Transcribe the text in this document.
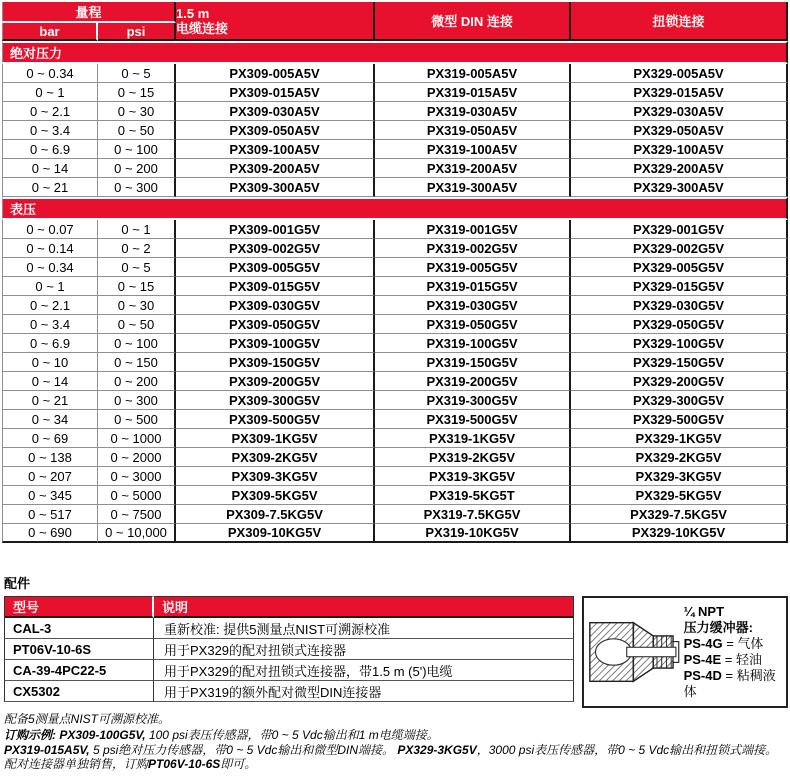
量程		1.5 m
电缆连接	微型 DIN 连接	扭锁连接
bar	psi			
绝对压力				
0 ~ 0.34	0 ~ 5	PX309-005A5V	PX319-005A5V	PX329-005A5V
0 ~ 1	0 ~ 15	PX309-015A5V	PX319-015A5V	PX329-015A5V
0 ~ 2.1	0 ~ 30	PX309-030A5V	PX319-030A5V	PX329-030A5V
0 ~ 3.4	0 ~ 50	PX309-050A5V	PX319-050A5V	PX329-050A5V
0 ~ 6.9	0 ~ 100	PX309-100A5V	PX319-100A5V	PX329-100A5V
0 ~ 14	0 ~ 200	PX309-200A5V	PX319-200A5V	PX329-200A5V
0 ~ 21	0 ~ 300	PX309-300A5V	PX319-300A5V	PX329-300A5V
表压				
0 ~ 0.07	0 ~ 1	PX309-001G5V	PX319-001G5V	PX329-001G5V
0 ~ 0.14	0 ~ 2	PX309-002G5V	PX319-002G5V	PX329-002G5V
0 ~ 0.34	0 ~ 5	PX309-005G5V	PX319-005G5V	PX329-005G5V
0 ~ 1	0 ~ 15	PX309-015G5V	PX319-015G5V	PX329-015G5V
0 ~ 2.1	0 ~ 30	PX309-030G5V	PX319-030G5V	PX329-030G5V
0 ~ 3.4	0 ~ 50	PX309-050G5V	PX319-050G5V	PX329-050G5V
0 ~ 6.9	0 ~ 100	PX309-100G5V	PX319-100G5V	PX329-100G5V
0 ~ 10	0 ~ 150	PX309-150G5V	PX319-150G5V	PX329-150G5V
0 ~ 14	0 ~ 200	PX309-200G5V	PX319-200G5V	PX329-200G5V
0 ~ 21	0 ~ 300	PX309-300G5V	PX319-300G5V	PX329-300G5V
0 ~ 34	0 ~ 500	PX309-500G5V	PX319-500G5V	PX329-500G5V
0 ~ 69	0 ~ 1000	PX309-1KG5V	PX319-1KG5V	PX329-1KG5V
0 ~ 138	0 ~ 2000	PX309-2KG5V	PX319-2KG5V	PX329-2KG5V
0 ~ 207	0 ~ 3000	PX309-3KG5V	PX319-3KG5V	PX329-3KG5V
0 ~ 345	0 ~ 5000	PX309-5KG5V	PX319-5KG5T	PX329-5KG5V
0 ~ 517	0 ~ 7500	PX309-7.5KG5V	PX319-7.5KG5V	PX329-7.5KG5V
0 ~ 690	0 ~ 10,000	PX309-10KG5V	PX319-10KG5V	PX329-10KG5V
配件
型号	说明
CAL-3	重新校准: 提供5测量点NIST可溯源校准
PT06V-10-6S	用于PX329的配对扭锁式连接器
CA-39-4PC22-5	用于PX329的配对扭锁式连接器，带1.5 m (5')电缆
CX5302	用于PX319的额外配对微型DIN连接器
¼ NPT
压力缓冲器:
PS-4G = 气体
PS-4E = 轻油
PS-4D = 粘稠液体

配备5测量点NIST可溯源校准。

订购示例: PX309-100G5V, 100 psi表压传感器，带0 ~ 5 Vdc输出和1 m电缆端接。

PX319-015A5V, 5 psi绝对压力传感器，带0 ~ 5 Vdc输出和微型DIN端接。 PX329-3KG5V，3000 psi表压传感器，带0 ~ 5 Vdc输出和扭锁式端接。配对连接器单独销售，订购PT06V-10-6S即可。
